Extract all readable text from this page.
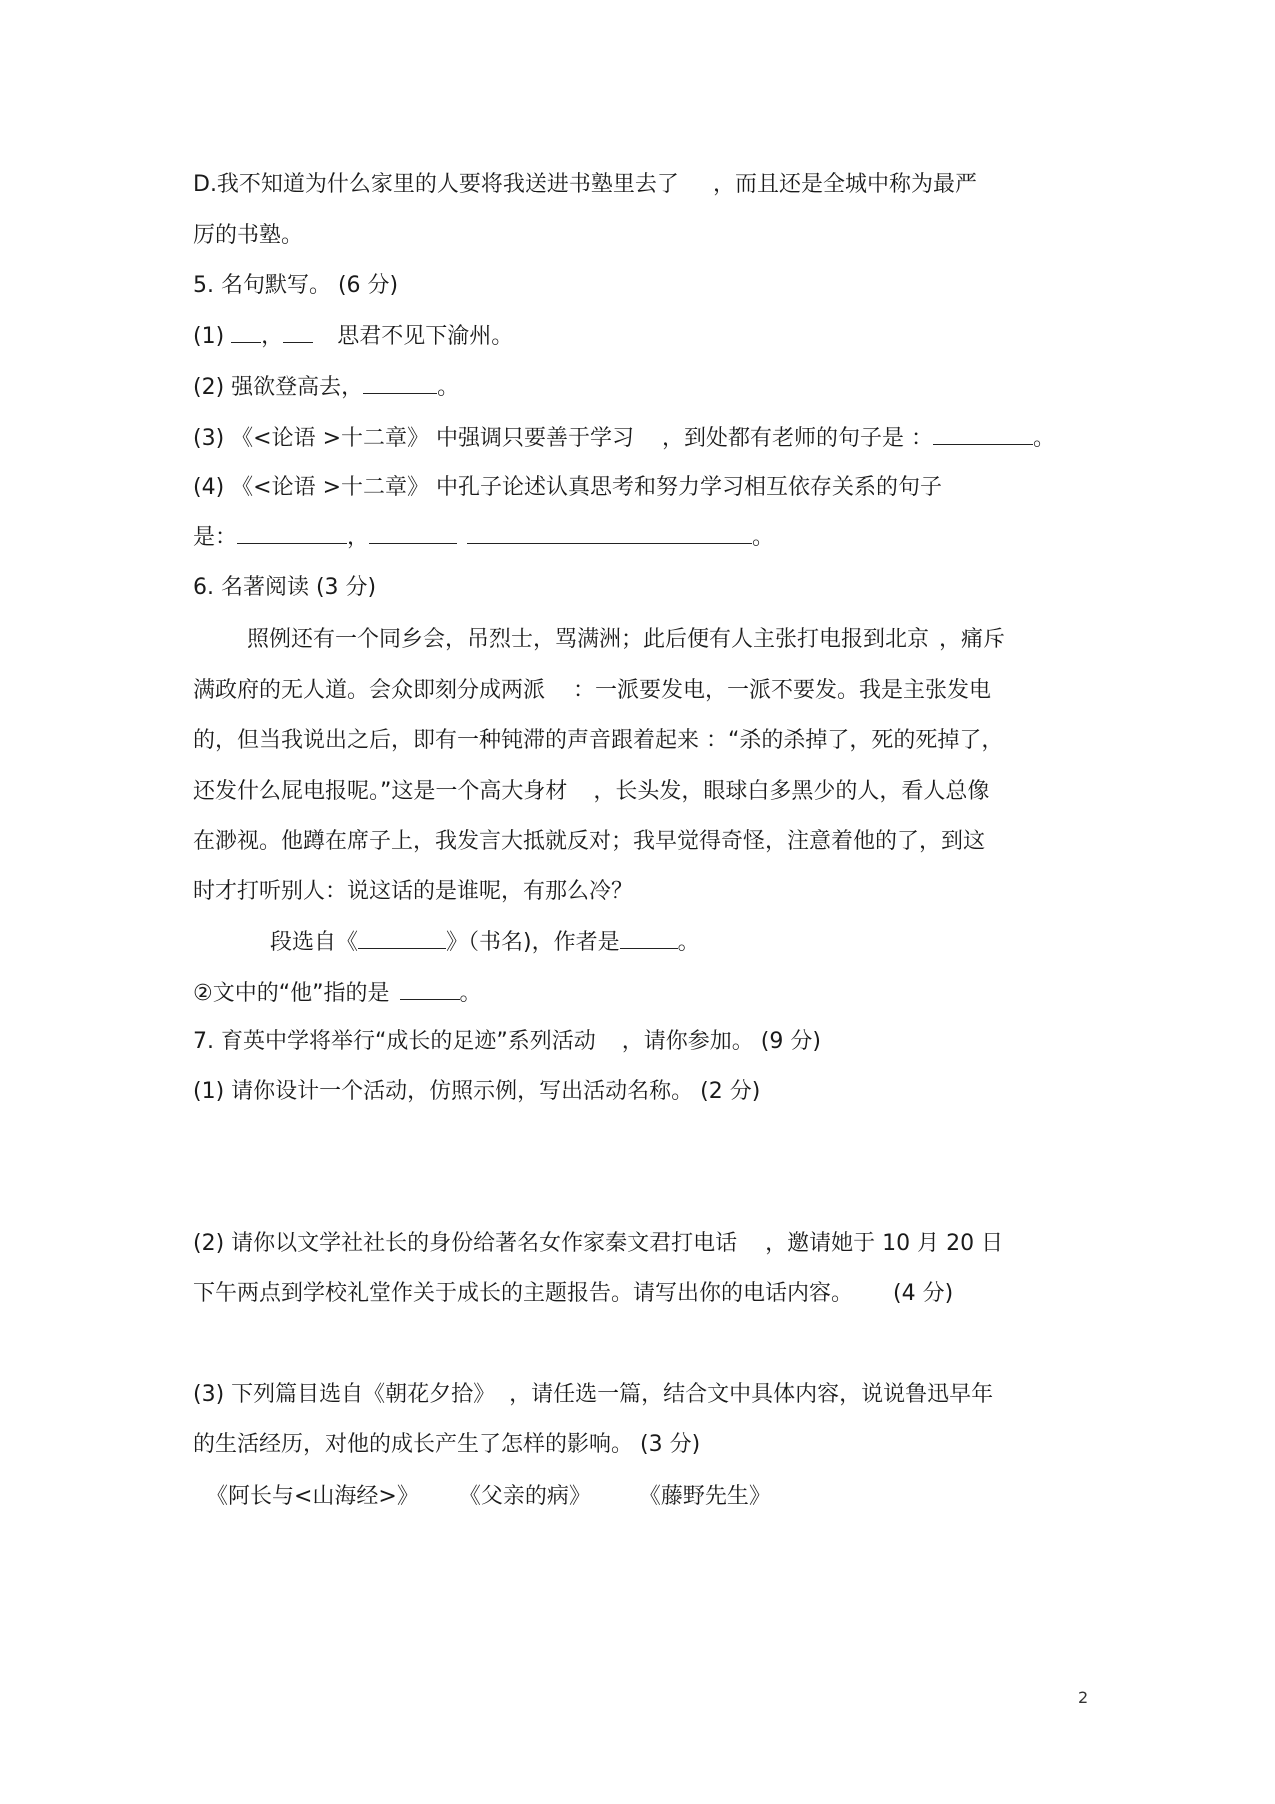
D.我不知道为什么家里的人要将我送进书塾里去了 ，而且还是全城中称为最严
厉的书塾。
5. 名句默写。 (6 分)
(1) ， 思君不见下渝州。
(2) 强欲登高去，	。
(3) 《<论语 >十二章》 中强调只要善于学习 ，到处都有老师的句子是 ：	。
(4) 《<论语 >十二章》 中孔子论述认真思考和努力学习相互依存关系的句子
是：	，	。
6. 名著阅读 (3 分)
照例还有一个同乡会，吊烈士，骂满洲；此后便有人主张打电报到北京 ，痛斥
满政府的无人道。会众即刻分成两派 ：一派要发电，一派不要发。我是主张发电
的，但当我说出之后，即有一种钝滞的声音跟着起来 ：“杀的杀掉了，死的死掉了，
还发什么屁电报呢。”这是一个高大身材 ，长头发，眼球白多黑少的人，看人总像
在渺视。他蹲在席子上，我发言大抵就反对；我早觉得奇怪，注意着他的了，到这
时才打听别人：说这话的是谁呢，有那么冷？
段选自《	》（书名)，作者是	。
②文中的“他”指的是	。
7. 育英中学将举行“成长的足迹”系列活动 ，请你参加。 (9 分)
(1) 请你设计一个活动，仿照示例，写出活动名称。 (2 分)
(2) 请你以文学社社长的身份给著名女作家秦文君打电话 ，邀请她于 10 月 20 日
下午两点到学校礼堂作关于成长的主题报告。请写出你的电话内容。 (4 分)
(3) 下列篇目选自《朝花夕拾》 ，请任选一篇，结合文中具体内容，说说鲁迅早年
的生活经历，对他的成长产生了怎样的影响。 (3 分)
《阿长与<山海经>》 《父亲的病》 《藤野先生》
2
